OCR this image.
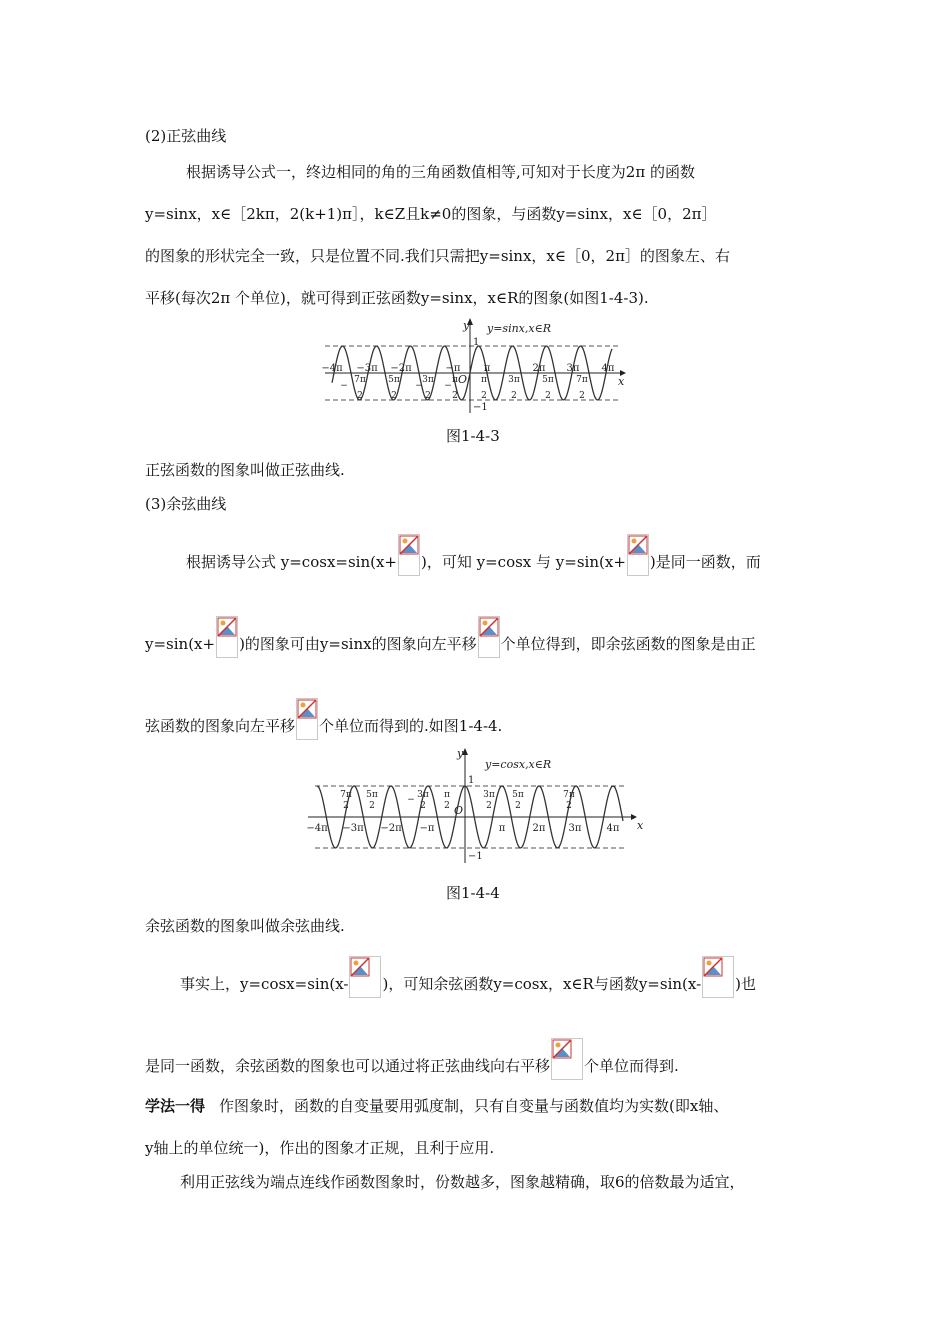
(2)正弦曲线
根据诱导公式一，终边相同的角的三角函数值相等,可知对于长度为2π 的函数
y=sinx，x∈［2kπ，2(k+1)π］，k∈Z且k≠0的图象，与函数y=sinx，x∈［0，2π］
的图象的形状完全一致，只是位置不同.我们只需把y=sinx，x∈［0，2π］的图象左、右
平移(每次2π 个单位)，就可得到正弦函数y=sinx，x∈R的图象(如图1-4-3).
y
x
y=sinx,x∈R
1
−1
O
−4π −3π −2π	−π π	2π 3π 4π
−
7π
2
5π
2
−
3π
2
−
π
2
π
2
3π
2
5π
2
7π
2
图1-4-3
正弦函数的图象叫做正弦曲线.
(3)余弦曲线
根据诱导公式 y=cosx=sin(x+ )，可知 y=cosx 与 y=sin(x+ )是同一函数，而
y=sin(x+ )的图象可由y=sinx的图象向左平移 个单位得到，即余弦函数的图象是由正
弦函数的图象向左平移 个单位而得到的.如图1-4-4.
y
x
y=cosx,x∈R
1
−1
O
−4π −3π −2π −π	π	2π 3π	4π
7π
2
5π
2
− 3π
2
π
2
3π
2
5π
2
7π
2
图1-4-4
余弦函数的图象叫做余弦曲线.
事实上，y=cosx=sin(x- )，可知余弦函数y=cosx，x∈R与函数y=sin(x- )也
是同一函数，余弦函数的图象也可以通过将正弦曲线向右平移 个单位而得到.
学法一得 作图象时，函数的自变量要用弧度制，只有自变量与函数值均为实数(即x轴、
y轴上的单位统一)，作出的图象才正规，且利于应用.
利用正弦线为端点连线作函数图象时，份数越多，图象越精确，取6的倍数最为适宜，
